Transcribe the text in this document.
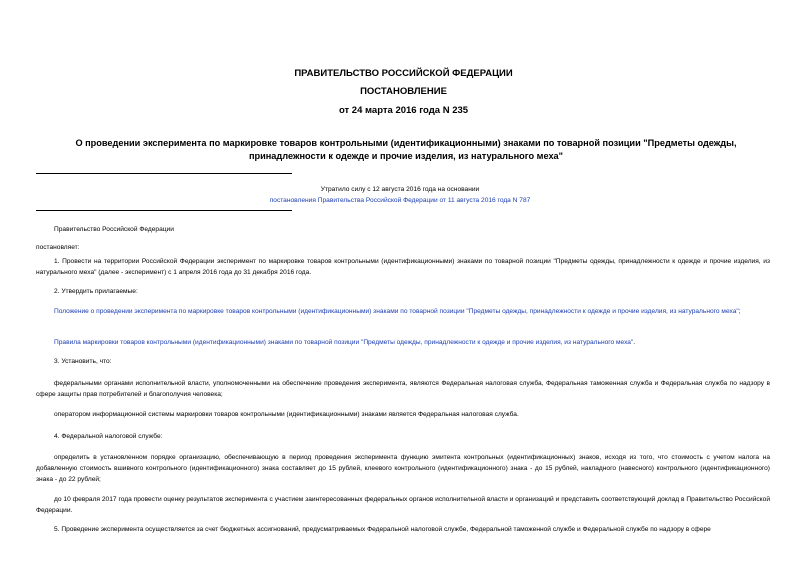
ПРАВИТЕЛЬСТВО РОССИЙСКОЙ ФЕДЕРАЦИИ
ПОСТАНОВЛЕНИЕ
от 24 марта 2016 года N 235
О проведении эксперимента по маркировке товаров контрольными (идентификационными) знаками по товарной позиции "Предметы одежды, принадлежности к одежде и прочие изделия, из натурального меха"
Утратило силу с 12 августа 2016 года на основании
постановления Правительства Российской Федерации от 11 августа 2016 года N 787
Правительство Российской Федерации
постановляет:
1. Провести на территории Российской Федерации эксперимент по маркировке товаров контрольными (идентификационными) знаками по товарной позиции "Предметы одежды, принадлежности к одежде и прочие изделия, из натурального меха" (далее - эксперимент) с 1 апреля 2016 года до 31 декабря 2016 года.
2. Утвердить прилагаемые:
Положение о проведении эксперимента по маркировке товаров контрольными (идентификационными) знаками по товарной позиции "Предметы одежды, принадлежности к одежде и прочие изделия, из натурального меха";
Правила маркировки товаров контрольными (идентификационными) знаками по товарной позиции "Предметы одежды, принадлежности к одежде и прочие изделия, из натурального меха".
3. Установить, что:
федеральными органами исполнительной власти, уполномоченными на обеспечение проведения эксперимента, являются Федеральная налоговая служба, Федеральная таможенная служба и Федеральная служба по надзору в сфере защиты прав потребителей и благополучия человека;
оператором информационной системы маркировки товаров контрольными (идентификационными) знаками является Федеральная налоговая служба.
4. Федеральной налоговой службе:
определить в установленном порядке организацию, обеспечивающую в период проведения эксперимента функцию эмитента контрольных (идентификационных) знаков, исходя из того, что стоимость с учетом налога на добавленную стоимость вшивного контрольного (идентификационного) знака составляет до 15 рублей, клеевого контрольного (идентификационного) знака - до 15 рублей, накладного (навесного) контрольного (идентификационного) знака - до 22 рублей;
до 10 февраля 2017 года провести оценку результатов эксперимента с участием заинтересованных федеральных органов исполнительной власти и организаций и представить соответствующий доклад в Правительство Российской Федерации.
5. Проведение эксперимента осуществляется за счет бюджетных ассигнований, предусматриваемых Федеральной налоговой службе, Федеральной таможенной службе и Федеральной службе по надзору в сфере
